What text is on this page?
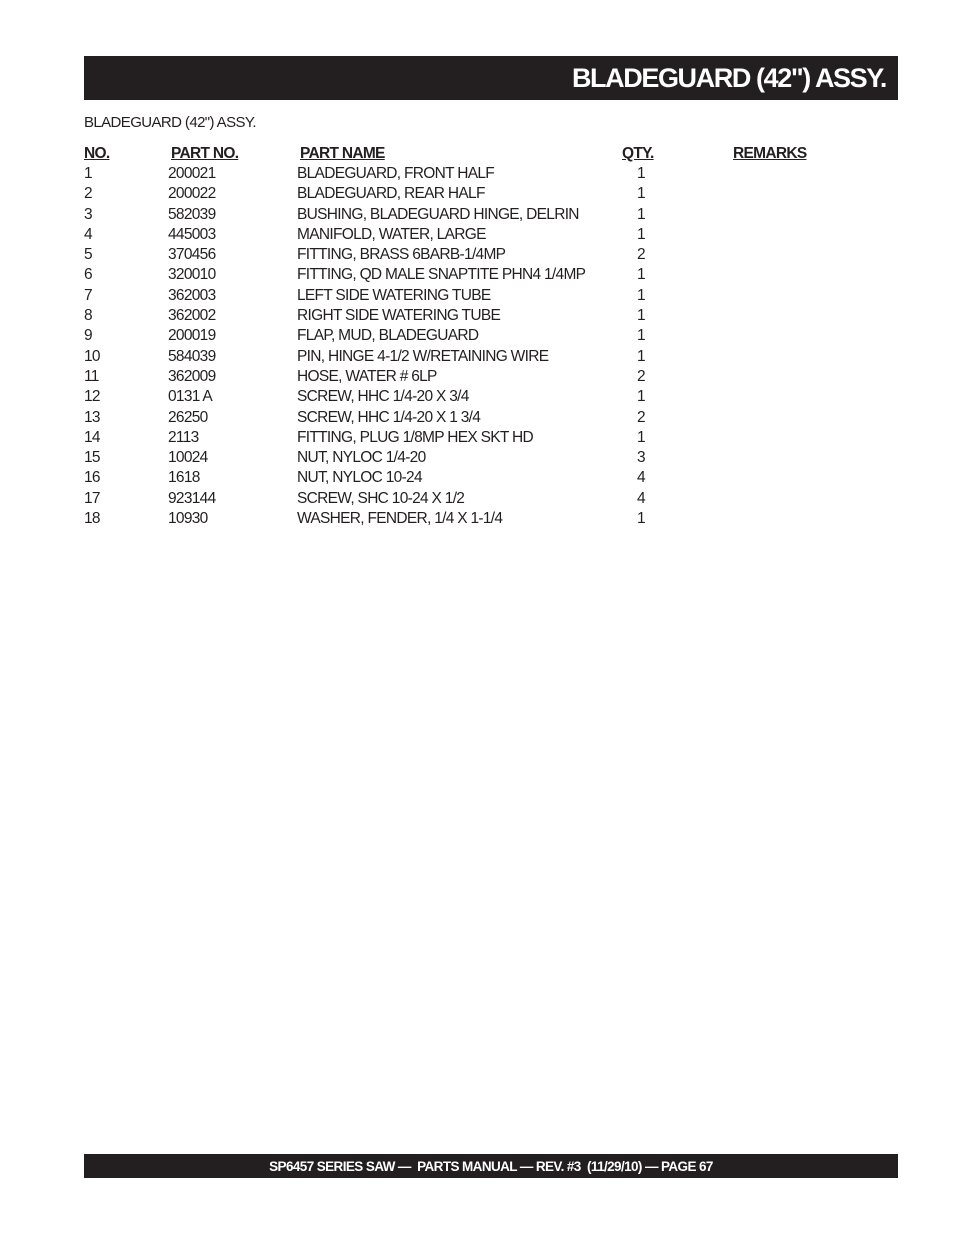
BLADEGUARD (42") ASSY.
BLADEGUARD (42") ASSY.
NO.	PART NO.	PART NAME	QTY.	REMARKS
1	200021	BLADEGUARD, FRONT HALF	1
2	200022	BLADEGUARD, REAR HALF	1
3	582039	BUSHING, BLADEGUARD HINGE, DELRIN	1
4	445003	MANIFOLD, WATER, LARGE	1
5	370456	FITTING, BRASS 6BARB-1/4MP	2
6	320010	FITTING, QD MALE SNAPTITE PHN4 1/4MP	1
7	362003	LEFT SIDE WATERING TUBE	1
8	362002	RIGHT SIDE WATERING TUBE	1
9	200019	FLAP, MUD, BLADEGUARD	1
10	584039	PIN, HINGE 4-1/2 W/RETAINING WIRE	1
11	362009	HOSE, WATER # 6LP	2
12	0131 A	SCREW, HHC 1/4-20 X 3/4	1
13	26250	SCREW, HHC 1/4-20 X 1 3/4	2
14	2113	FITTING, PLUG 1/8MP HEX SKT HD	1
15	10024	NUT, NYLOC 1/4-20	3
16	1618	NUT, NYLOC 10-24	4
17	923144	SCREW, SHC 10-24 X 1/2	4
18	10930	WASHER, FENDER, 1/4 X 1-1/4	1
SP6457 SERIES SAW —  PARTS MANUAL — REV. #3  (11/29/10) — PAGE 67
